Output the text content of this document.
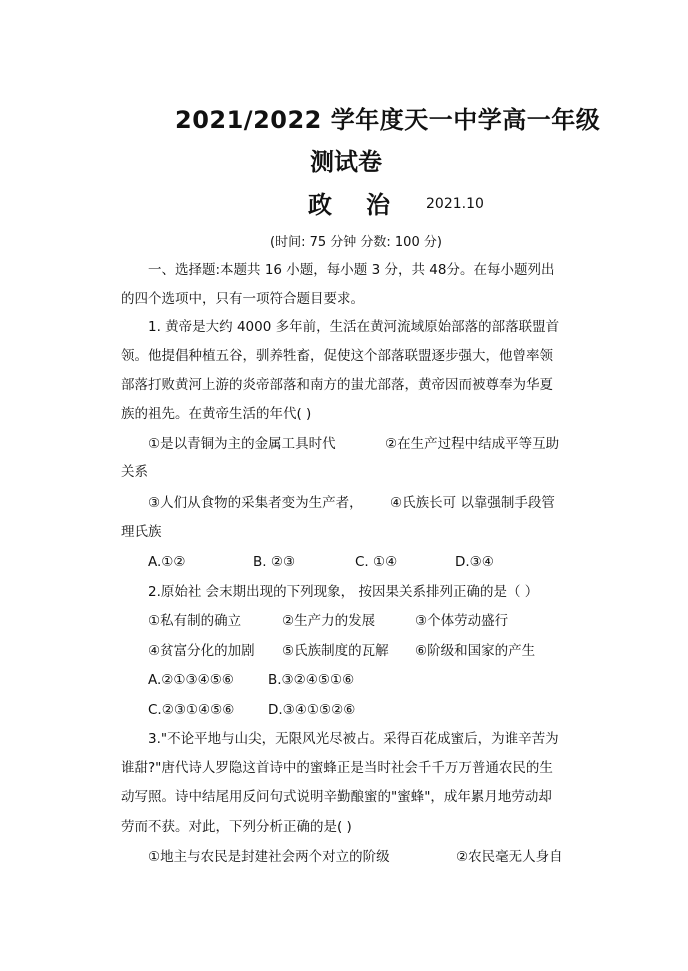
2021/2022 学年度天一中学高一年级
测试卷
政 治	2021.10
(时间: 75 分钟 分数: 100 分)
一、选择题:本题共 16 小题，每小题 3 分，共 48分。在每小题列出
的四个选项中，只有一项符合题目要求。
1. 黄帝是大约 4000 多年前，生活在黄河流域原始部落的部落联盟首
领。他提倡种植五谷，驯养牲畜，促使这个部落联盟逐步强大，他曾率领
部落打败黄河上游的炎帝部落和南方的蚩尤部落，黄帝因而被尊奉为华夏
族的祖先。在黄帝生活的年代( )
①是以青铜为主的金属工具时代	②在生产过程中结成平等互助
关系
③人们从食物的采集者变为生产者， ④氏族长可 以靠强制手段管
理氏族
A.①②	B. ②③	C. ①④	D.③④
2.原始社 会末期出现的下列现象， 按因果关系排列正确的是（ ）
①私有制的确立	②生产力的发展	③个体劳动盛行
④贫富分化的加剧 ⑤氏族制度的瓦解 ⑥阶级和国家的产生
A.②①③④⑤⑥	B.③②④⑤①⑥
C.②③①④⑤⑥ D.③④①⑤②⑥
3."不论平地与山尖，无限风光尽被占。采得百花成蜜后，为谁辛苦为
谁甜?"唐代诗人罗隐这首诗中的蜜蜂正是当时社会千千万万普通农民的生
动写照。诗中结尾用反问句式说明辛勤酿蜜的"蜜蜂"，成年累月地劳动却
劳而不获。对此，下列分析正确的是( )
①地主与农民是封建社会两个对立的阶级	②农民毫无人身自
